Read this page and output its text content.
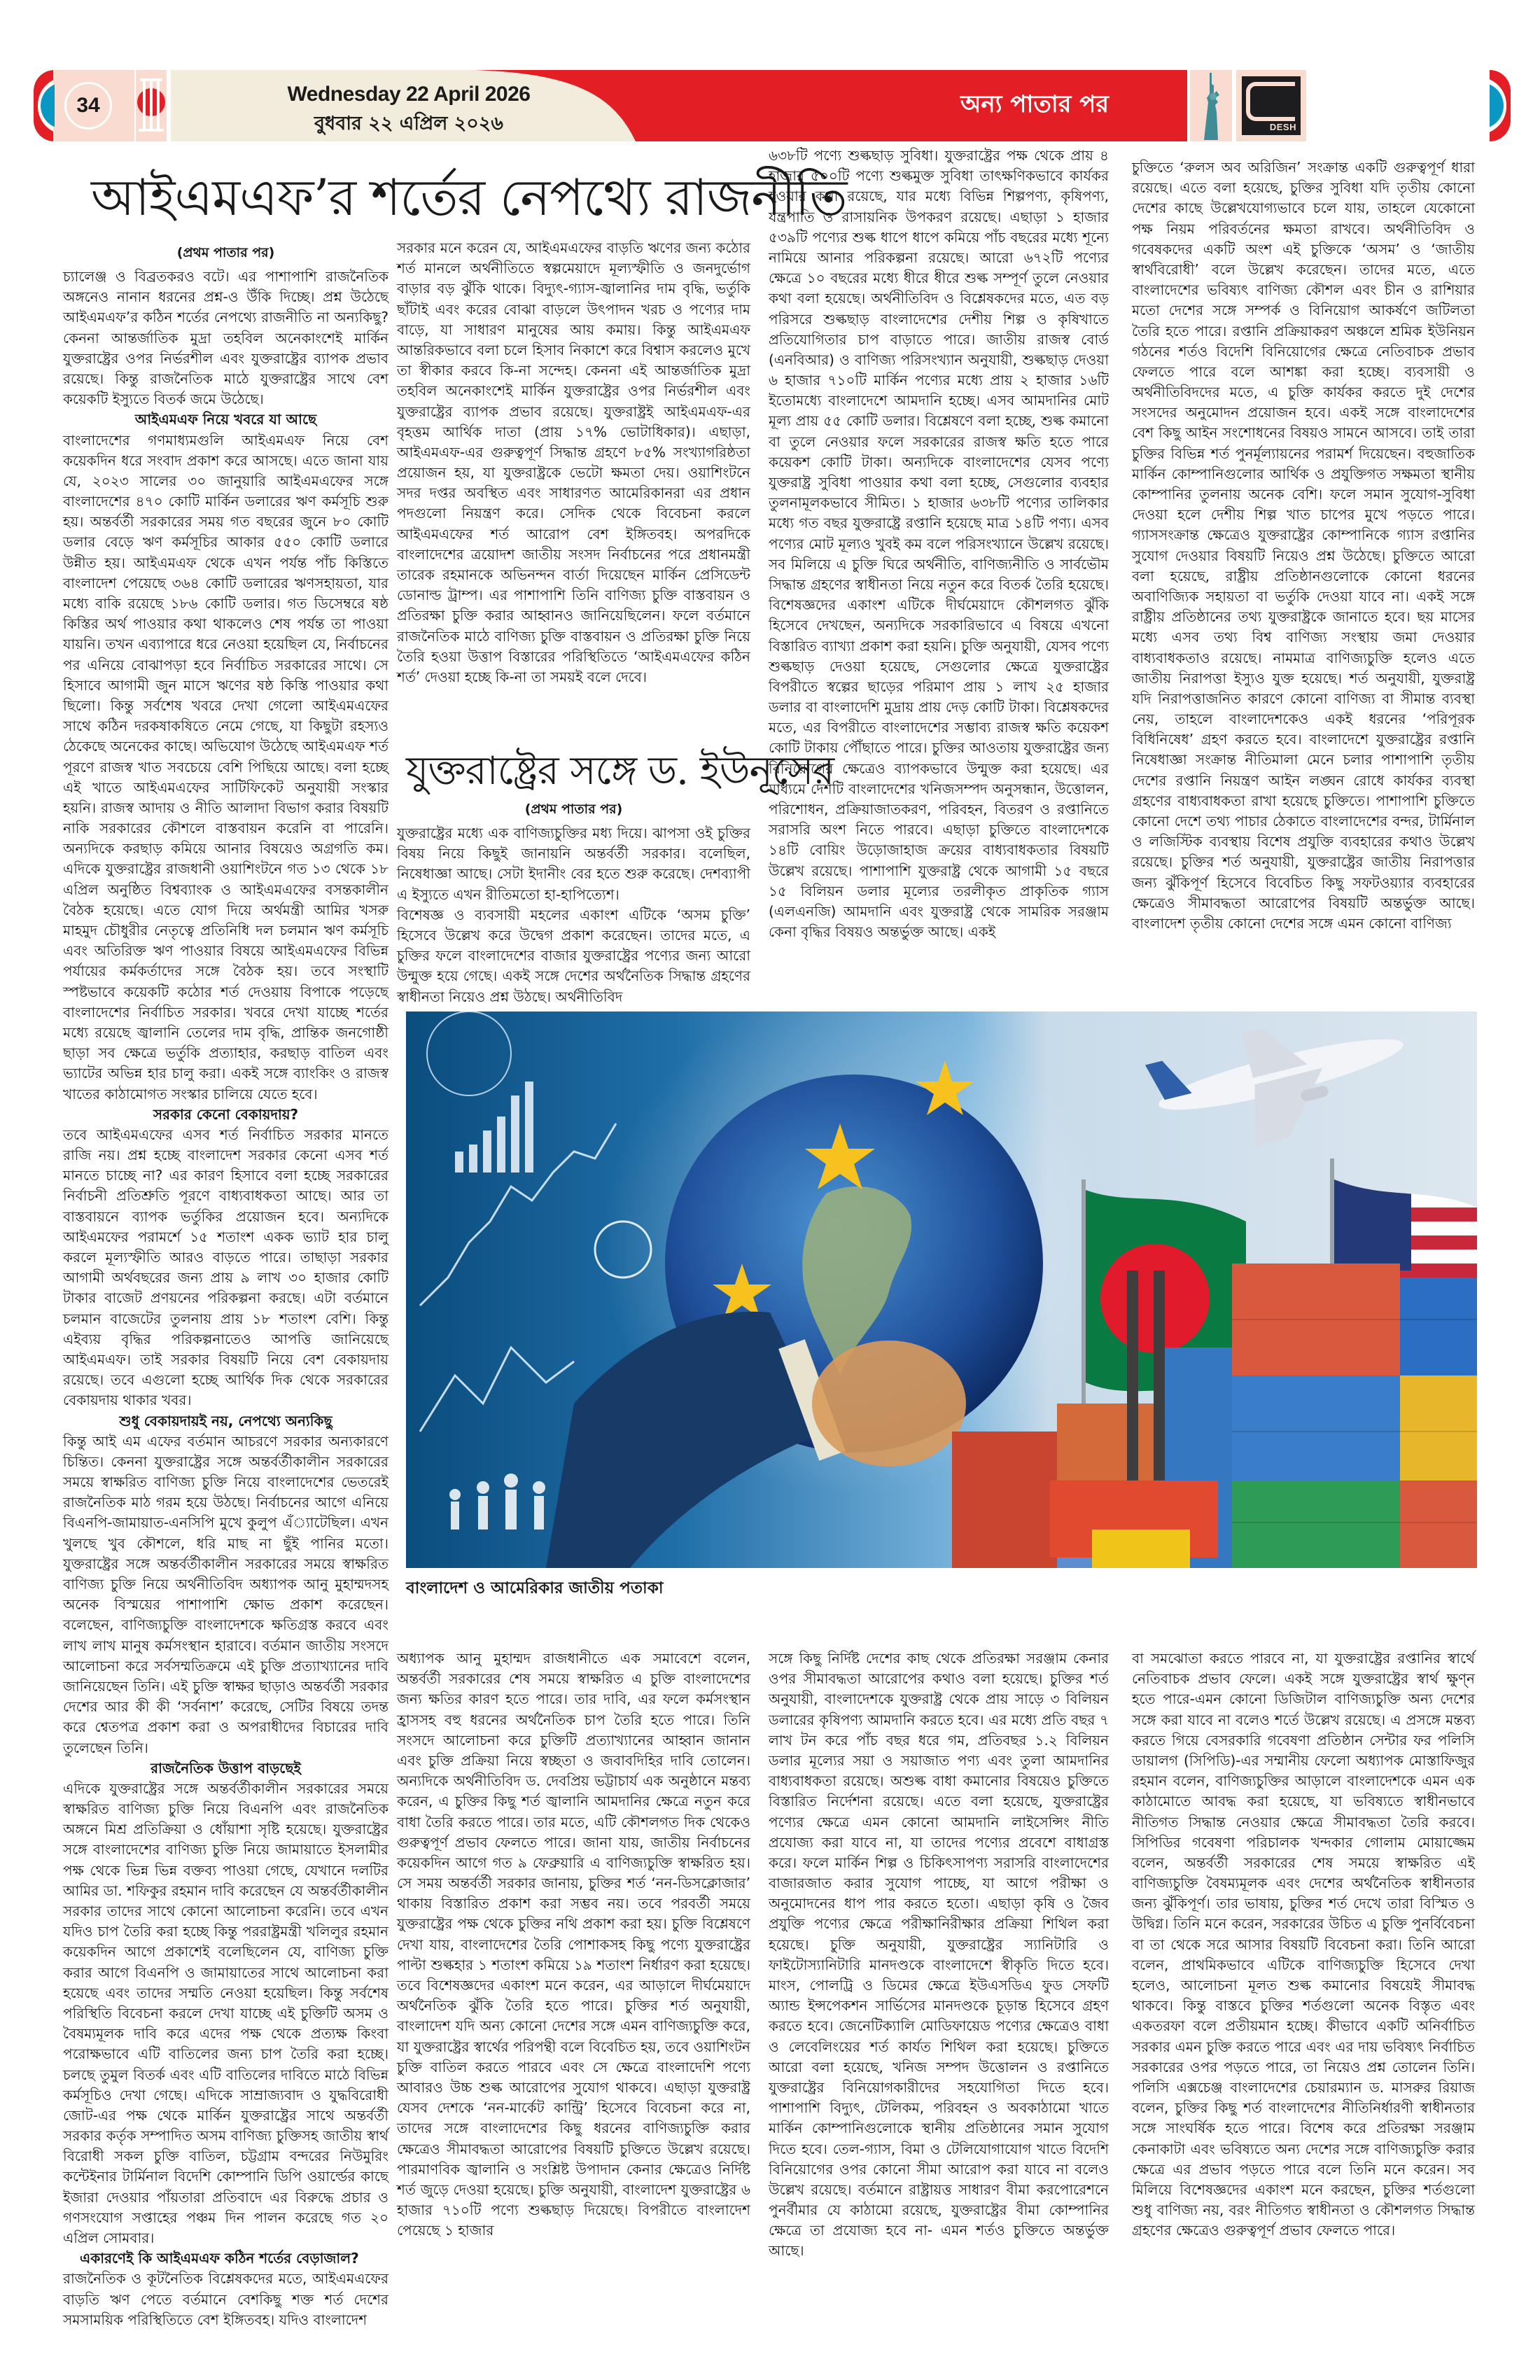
34	Wednesday 22 April 2026
বুধবার ২২ এপ্রিল ২০২৬
অন্য পাতার পর
DESH
আইএমএফ’র শর্তের নেপথ্যে রাজনীতি
(প্রথম পাতার পর)

চ্যালেঞ্জ ও বিব্রতকরও বটে। এর পাশাপাশি রাজনৈতিক অঙ্গনেও নানান ধরনের প্রশ্ন-ও উঁকি দিচ্ছে। প্রশ্ন উঠেছে আইএমএফ’র কঠিন শর্তের নেপথ্যে রাজনীতি না অন্যকিছু? কেননা আন্তর্জাতিক মুদ্রা তহবিল অনেকাংশেই মার্কিন যুক্তরাষ্ট্রের ওপর নির্ভরশীল এবং যুক্তরাষ্ট্রের ব্যাপক প্রভাব রয়েছে। কিন্তু রাজনৈতিক মাঠে যুক্তরাষ্ট্রের সাথে বেশ কয়েকটি ইস্যুতে বিতর্ক জমে উঠেছে।

আইএমএফ নিয়ে খবরে যা আছে

বাংলাদেশের গণমাধ্যমগুলি আইএমএফ নিয়ে বেশ কয়েকদিন ধরে সংবাদ প্রকাশ করে আসছে। এতে জানা যায় যে, ২০২৩ সালের ৩০ জানুয়ারি আইএমএফের সঙ্গে বাংলাদেশের ৪৭০ কোটি মার্কিন ডলারের ঋণ কর্মসূচি শুরু হয়। অন্তর্বর্তী সরকারের সময় গত বছরের জুনে ৮০ কোটি ডলার বেড়ে ঋণ কর্মসূচির আকার ৫৫০ কোটি ডলারে উন্নীত হয়। আইএমএফ থেকে এখন পর্যন্ত পাঁচ কিস্তিতে বাংলাদেশ পেয়েছে ৩৬৪ কোটি ডলারের ঋণসহায়তা, যার মধ্যে বাকি রয়েছে ১৮৬ কোটি ডলার। গত ডিসেম্বরে ষষ্ঠ কিস্তির অর্থ পাওয়ার কথা থাকলেও শেষ পর্যন্ত তা পাওয়া যায়নি। তখন এব্যাপারে ধরে নেওয়া হয়েছিল যে, নির্বাচনের পর এনিয়ে বোঝাপড়া হবে নির্বাচিত সরকারের সাথে। সে হিসাবে আগামী জুন মাসে ঋণের ষষ্ঠ কিস্তি পাওয়ার কথা ছিলো। কিন্তু সর্বশেষ খবরে দেখা গেলো আইএমএফের সাথে কঠিন দরকষাকষিতে নেমে গেছে, যা কিছুটা রহস্যও ঠেকেছে অনেকের কাছে। অভিযোগ উঠেছে আইএমএফ শর্ত পূরণে রাজস্ব খাত সবচেয়ে বেশি পিছিয়ে আছে। বলা হচ্ছে এই খাতে আইএমএফের সাটিফিকেট অনুযায়ী সংস্কার হয়নি। রাজস্ব আদায় ও নীতি আলাদা বিভাগ করার বিষয়টি নাকি সরকারের কৌশলে বাস্তবায়ন করেনি বা পারেনি। অন্যদিকে করছাড় কমিয়ে আনার বিষয়েও অগ্রগতি কম। এদিকে যুক্তরাষ্ট্রের রাজধানী ওয়াশিংটনে গত ১৩ থেকে ১৮ এপ্রিল অনুষ্ঠিত বিশ্বব্যাংক ও আইএমএফের বসন্তকালীন বৈঠক হয়েছে। এতে যোগ দিয়ে অর্থমন্ত্রী আমির খসরু মাহমুদ চৌধুরীর নেতৃত্বে প্রতিনিধি দল চলমান ঋণ কর্মসূচি এবং অতিরিক্ত ঋণ পাওয়ার বিষয়ে আইএমএফের বিভিন্ন পর্যায়ের কর্মকর্তাদের সঙ্গে বৈঠক হয়। তবে সংস্থাটি স্পষ্টভাবে কয়েকটি কঠোর শর্ত দেওয়ায় বিপাকে পড়েছে বাংলাদেশের নির্বাচিত সরকার। খবরে দেখা যাচ্ছে শর্তের মধ্যে রয়েছে জ্বালানি তেলের দাম বৃদ্ধি, প্রান্তিক জনগোষ্ঠী ছাড়া সব ক্ষেত্রে ভর্তুকি প্রত্যাহার, করছাড় বাতিল এবং ভ্যাটের অভিন্ন হার চালু করা। একই সঙ্গে ব্যাংকিং ও রাজস্ব খাতের কাঠামোগত সংস্কার চালিয়ে যেতে হবে।

সরকার কেনো বেকায়দায়?

তবে আইএমএফের এসব শর্ত নির্বাচিত সরকার মানতে রাজি নয়। প্রশ্ন হচ্ছে বাংলাদেশ সরকার কেনো এসব শর্ত মানতে চাচ্ছে না? এর কারণ হিসাবে বলা হচ্ছে সরকারের নির্বাচনী প্রতিশ্রুতি পূরণে বাধ্যবাধকতা আছে। আর তা বাস্তবায়নে ব্যাপক ভর্তুকির প্রয়োজন হবে। অন্যদিকে আইএমফের পরামর্শে ১৫ শতাংশ একক ভ্যাট হার চালু করলে মূল্যস্ফীতি আরও বাড়তে পারে। তাছাড়া সরকার আগামী অর্থবছরের জন্য প্রায় ৯ লাখ ৩০ হাজার কোটি টাকার বাজেট প্রণয়নের পরিকল্পনা করছে। এটা বর্তমানে চলমান বাজেটের তুলনায় প্রায় ১৮ শতাংশ বেশি। কিন্তু এইব্যয় বৃদ্ধির পরিকল্পনাতেও আপত্তি জানিয়েছে আইএমএফ। তাই সরকার বিষয়টি নিয়ে বেশ বেকায়দায় রয়েছে। তবে এগুলো হচ্ছে আর্থিক দিক থেকে সরকারের বেকায়দায় থাকার খবর।

শুধু বেকায়দায়ই নয়, নেপথ্যে অন্যকিছু

কিন্তু আই এম এফের বর্তমান আচরণে সরকার অন্যকারণে চিন্তিত। কেননা যুক্তরাষ্ট্রের সঙ্গে অন্তর্বর্তীকালীন সরকারের সময়ে স্বাক্ষরিত বাণিজ্য চুক্তি নিয়ে বাংলাদেশের ভেতরেই রাজনৈতিক মাঠ গরম হয়ে উঠছে। নির্বাচনের আগে এনিয়ে বিএনপি-জামায়াত-এনসিপি মুখে কুলুপ এঁ্যাটেছিল। এখন খুলছে খুব কৌশলে, ধরি মাছ না ছুঁই পানির মতো। যুক্তরাষ্ট্রের সঙ্গে অন্তর্বর্তীকালীন সরকারের সময়ে স্বাক্ষরিত বাণিজ্য চুক্তি নিয়ে অর্থনীতিবিদ অধ্যাপক আনু মুহাম্মদসহ অনেক বিস্ময়ের পাশাপাশি ক্ষোভ প্রকাশ করেছেন। বলেছেন, বাণিজ্যচুক্তি বাংলাদেশকে ক্ষতিগ্রস্ত করবে এবং লাখ লাখ মানুষ কর্মসংস্থান হারাবে। বর্তমান জাতীয় সংসদে আলোচনা করে সর্বসম্মতিক্রমে এই চুক্তি প্রত্যাখ্যানের দাবি জানিয়েছেন তিনি। এই চুক্তি স্বাক্ষর ছাড়াও অন্তর্বর্তী সরকার দেশের আর কী কী ‘সর্বনাশ’ করেছে, সেটির বিষয়ে তদন্ত করে শ্বেতপত্র প্রকাশ করা ও অপরাধীদের বিচারের দাবি তুলেছেন তিনি।

রাজনৈতিক উত্তাপ বাড়ছেই

এদিকে যুক্তরাষ্ট্রের সঙ্গে অন্তর্বর্তীকালীন সরকারের সময়ে স্বাক্ষরিত বাণিজ্য চুক্তি নিয়ে বিএনপি এবং রাজনৈতিক অঙ্গনে মিশ্র প্রতিক্রিয়া ও ধোঁয়াশা সৃষ্টি হয়েছে। যুক্তরাষ্ট্রের সঙ্গে বাংলাদেশের বাণিজ্য চুক্তি নিয়ে জামায়াতে ইসলামীর পক্ষ থেকে ভিন্ন ভিন্ন বক্তব্য পাওয়া গেছে, যেখানে দলটির আমির ডা. শফিকুর রহমান দাবি করেছেন যে অন্তর্বর্তীকালীন সরকার তাদের সাথে কোনো আলোচনা করেনি। তবে এখন যদিও চাপ তৈরি করা হচ্ছে কিন্তু পররাষ্ট্রমন্ত্রী খলিলুর রহমান কয়েকদিন আগে প্রকাশেই বলেছিলেন যে, বাণিজ্য চুক্তি করার আগে বিএনপি ও জামায়াতের সাথে আলোচনা করা হয়েছে এবং তাদের সম্মতি নেওয়া হয়েছিল। কিন্তু সর্বশেষ পরিস্থিতি বিবেচনা করলে দেখা যাচ্ছে এই চুক্তিটি অসম ও বৈষম্যমূলক দাবি করে এদের পক্ষ থেকে প্রত্যক্ষ কিংবা পরোক্ষভাবে এটি বাতিলের জন্য চাপ তৈরি করা হচ্ছে। চলছে তুমুল বিতর্ক এবং এটি বাতিলের দাবিতে মাঠে বিভিন্ন কর্মসূচিও দেখা গেছে। এদিকে সাম্রাজ্যবাদ ও যুদ্ধবিরোধী জোট-এর পক্ষ থেকে মার্কিন যুক্তরাষ্ট্রের সাথে অন্তর্বর্তী সরকার কর্তৃক সম্পাদিত অসম বাণিজ্য চুক্তিসহ জাতীয় স্বার্থ বিরোধী সকল চুক্তি বাতিল, চট্টগ্রাম বন্দরের নিউমুরিং কন্টেইনার টার্মিনাল বিদেশি কোম্পানি ডিপি ওয়ার্ল্ডের কাছে ইজারা দেওয়ার পাঁয়তারা প্রতিবাদে এর বিরুদ্ধে প্রচার ও গণসংযোগ সপ্তাহের পঞ্চম দিন পালন করেছে গত ২০ এপ্রিল সোমবার।

একারণেই কি আইএমএফ কঠিন শর্তের বেড়াজাল?

রাজনৈতিক ও কূটনৈতিক বিশ্লেষকদের মতে, আইএমএফের বাড়তি ঋণ পেতে বর্তমানে বেশকিছু শক্ত শর্ত দেশের সমসাময়িক পরিস্থিতিতে বেশ ইঙ্গিতবহ। যদিও বাংলাদেশ

সরকার মনে করেন যে, আইএমএফের বাড়তি ঋণের জন্য কঠোর শর্ত মানলে অর্থনীতিতে স্বল্পমেয়াদে মূল্যস্ফীতি ও জনদুর্ভোগ বাড়ার বড় ঝুঁকি থাকে। বিদ্যুৎ-গ্যাস-জ্বালানির দাম বৃদ্ধি, ভর্তুকি ছাঁটাই এবং করের বোঝা বাড়লে উৎপাদন খরচ ও পণ্যের দাম বাড়ে, যা সাধারণ মানুষের আয় কমায়। কিন্তু আইএমএফ আন্তরিকভাবে বলা চলে হিসাব নিকাশে করে বিশ্বাস করলেও মুখে তা স্বীকার করবে কি-না সন্দেহ। কেননা এই আন্তর্জাতিক মুদ্রা তহবিল অনেকাংশেই মার্কিন যুক্তরাষ্ট্রের ওপর নির্ভরশীল এবং যুক্তরাষ্ট্রের ব্যাপক প্রভাব রয়েছে। যুক্তরাষ্ট্রই আইএমএফ-এর বৃহত্তম আর্থিক দাতা (প্রায় ১৭% ভোটাধিকার)। এছাড়া, আইএমএফ-এর গুরুত্বপূর্ণ সিদ্ধান্ত গ্রহণে ৮৫% সংখ্যাগরিষ্ঠতা প্রয়োজন হয়, যা যুক্তরাষ্ট্রকে ভেটো ক্ষমতা দেয়। ওয়াশিংটনে সদর দপ্তর অবস্থিত এবং সাধারণত আমেরিকানরা এর প্রধান পদগুলো নিয়ন্ত্রণ করে। সেদিক থেকে বিবেচনা করলে আইএমএফের শর্ত আরোপ বেশ ইঙ্গিতবহ। অপরদিকে বাংলাদেশের ত্রয়োদশ জাতীয় সংসদ নির্বাচনের পরে প্রধানমন্ত্রী তারেক রহমানকে অভিনন্দন বার্তা দিয়েছেন মার্কিন প্রেসিডেন্ট ডোনাল্ড ট্রাম্প। এর পাশাপাশি তিনি বাণিজ্য চুক্তি বাস্তবায়ন ও প্রতিরক্ষা চুক্তি করার আহ্বানও জানিয়েছিলেন। ফলে বর্তমানে রাজনৈতিক মাঠে বাণিজ্য চুক্তি বাস্তবায়ন ও প্রতিরক্ষা চুক্তি নিয়ে তৈরি হওয়া উত্তাপ বিস্তারের পরিস্থিতিতে ‘আইএমএফের কঠিন শর্ত’ দেওয়া হচ্ছে কি-না তা সময়ই বলে দেবে।

৬৩৮টি পণ্যে শুল্কছাড় সুবিধা। যুক্তরাষ্ট্রের পক্ষ থেকে প্রায় ৪ হাজার ৫০০টি পণ্যে শুল্কমুক্ত সুবিধা তাৎক্ষণিকভাবে কার্যকর হওয়ার কথা রয়েছে, যার মধ্যে বিভিন্ন শিল্পপণ্য, কৃষিপণ্য, যন্ত্রপাতি ও রাসায়নিক উপকরণ রয়েছে। এছাড়া ১ হাজার ৫৩৯টি পণ্যের শুল্ক ধাপে ধাপে কমিয়ে পাঁচ বছরের মধ্যে শূন্যে নামিয়ে আনার পরিকল্পনা রয়েছে। আরো ৬৭২টি পণ্যের ক্ষেত্রে ১০ বছরের মধ্যে ধীরে ধীরে শুল্ক সম্পূর্ণ তুলে নেওয়ার কথা বলা হয়েছে। অর্থনীতিবিদ ও বিশ্লেষকদের মতে, এত বড় পরিসরে শুল্কছাড় বাংলাদেশের দেশীয় শিল্প ও কৃষিখাতে প্রতিযোগিতার চাপ বাড়াতে পারে। জাতীয় রাজস্ব বোর্ড (এনবিআর) ও বাণিজ্য পরিসংখ্যান অনুযায়ী, শুল্কছাড় দেওয়া ৬ হাজার ৭১০টি মার্কিন পণ্যের মধ্যে প্রায় ২ হাজার ১৬টি ইতোমধ্যে বাংলাদেশে আমদানি হচ্ছে। এসব আমদানির মোট মূল্য প্রায় ৫৫ কোটি ডলার। বিশ্লেষণে বলা হচ্ছে, শুল্ক কমানো বা তুলে নেওয়ার ফলে সরকারের রাজস্ব ক্ষতি হতে পারে কয়েকশ কোটি টাকা। অন্যদিকে বাংলাদেশের যেসব পণ্যে যুক্তরাষ্ট্র সুবিধা পাওয়ার কথা বলা হচ্ছে, সেগুলোর ব্যবহার তুলনামূলকভাবে সীমিত। ১ হাজার ৬৩৮টি পণ্যের তালিকার মধ্যে গত বছর যুক্তরাষ্ট্রে রপ্তানি হয়েছে মাত্র ১৪টি পণ্য। এসব পণ্যের মোট মূল্যও খুবই কম বলে পরিসংখ্যানে উল্লেখ রয়েছে। সব মিলিয়ে এ চুক্তি ঘিরে অর্থনীতি, বাণিজ্যনীতি ও সার্বভৌম সিদ্ধান্ত গ্রহণের স্বাধীনতা নিয়ে নতুন করে বিতর্ক তৈরি হয়েছে। বিশেষজ্ঞদের একাংশ এটিকে দীর্ঘমেয়াদে কৌশলগত ঝুঁকি হিসেবে দেখছেন, অন্যদিকে সরকারিভাবে এ বিষয়ে এখনো বিস্তারিত ব্যাখ্যা প্রকাশ করা হয়নি। চুক্তি অনুযায়ী, যেসব পণ্যে শুল্কছাড় দেওয়া হয়েছে, সেগুলোর ক্ষেত্রে যুক্তরাষ্ট্রের বিপরীতে স্বল্পের ছাড়ের পরিমাণ প্রায় ১ লাখ ২৫ হাজার ডলার বা বাংলাদেশি মুদ্রায় প্রায় দেড় কোটি টাকা। বিশ্লেষকদের মতে, এর বিপরীতে বাংলাদেশের সম্ভাব্য রাজস্ব ক্ষতি কয়েকশ কোটি টাকায় পৌঁছাতে পারে। চুক্তির আওতায় যুক্তরাষ্ট্রের জন্য বিনিয়োগের ক্ষেত্রেও ব্যাপকভাবে উন্মুক্ত করা হয়েছে। এর মাধ্যমে দেশটি বাংলাদেশের খনিজসম্পদ অনুসন্ধান, উত্তোলন, পরিশোধন, প্রক্রিয়াজাতকরণ, পরিবহন, বিতরণ ও রপ্তানিতে সরাসরি অংশ নিতে পারবে। এছাড়া চুক্তিতে বাংলাদেশকে ১৪টি বোয়িং উড়োজাহাজ ক্রয়ের বাধ্যবাধকতার বিষয়টি উল্লেখ রয়েছে। পাশাপাশি যুক্তরাষ্ট্র থেকে আগামী ১৫ বছরে ১৫ বিলিয়ন ডলার মূল্যের তরলীকৃত প্রাকৃতিক গ্যাস (এলএনজি) আমদানি এবং যুক্তরাষ্ট্র থেকে সামরিক সরঞ্জাম কেনা বৃদ্ধির বিষয়ও অন্তর্ভুক্ত আছে। একই

চুক্তিতে ‘রুলস অব অরিজিন’ সংক্রান্ত একটি গুরুত্বপূর্ণ ধারা রয়েছে। এতে বলা হয়েছে, চুক্তির সুবিধা যদি তৃতীয় কোনো দেশের কাছে উল্লেখযোগ্যভাবে চলে যায়, তাহলে যেকোনো পক্ষ নিয়ম পরিবর্তনের ক্ষমতা রাখবে। অর্থনীতিবিদ ও গবেষকদের একটি অংশ এই চুক্তিকে ‘অসম’ ও ‘জাতীয় স্বার্থবিরোধী’ বলে উল্লেখ করেছেন। তাদের মতে, এতে বাংলাদেশের ভবিষ্যৎ বাণিজ্য কৌশল এবং চীন ও রাশিয়ার মতো দেশের সঙ্গে সম্পর্ক ও বিনিয়োগ আকর্ষণে জটিলতা তৈরি হতে পারে। রপ্তানি প্রক্রিয়াকরণ অঞ্চলে শ্রমিক ইউনিয়ন গঠনের শর্তও বিদেশি বিনিয়োগের ক্ষেত্রে নেতিবাচক প্রভাব ফেলতে পারে বলে আশঙ্কা করা হচ্ছে। ব্যবসায়ী ও অর্থনীতিবিদদের মতে, এ চুক্তি কার্যকর করতে দুই দেশের সংসদের অনুমোদন প্রয়োজন হবে। একই সঙ্গে বাংলাদেশের বেশ কিছু আইন সংশোধনের বিষয়ও সামনে আসবে। তাই তারা চুক্তির বিভিন্ন শর্ত পুনর্মূল্যায়নের পরামর্শ দিয়েছেন। বহুজাতিক মার্কিন কোম্পানিগুলোর আর্থিক ও প্রযুক্তিগত সক্ষমতা স্থানীয় কোম্পানির তুলনায় অনেক বেশি। ফলে সমান সুযোগ-সুবিধা দেওয়া হলে দেশীয় শিল্প খাত চাপের মুখে পড়তে পারে। গ্যাসসংক্রান্ত ক্ষেত্রেও যুক্তরাষ্ট্রের কোম্পানিকে গ্যাস রপ্তানির সুযোগ দেওয়ার বিষয়টি নিয়েও প্রশ্ন উঠেছে। চুক্তিতে আরো বলা হয়েছে, রাষ্ট্রীয় প্রতিষ্ঠানগুলোকে কোনো ধরনের অবাণিজ্যিক সহায়তা বা ভর্তুকি দেওয়া যাবে না। একই সঙ্গে রাষ্ট্রীয় প্রতিষ্ঠানের তথ্য যুক্তরাষ্ট্রকে জানাতে হবে। ছয় মাসের মধ্যে এসব তথ্য বিশ্ব বাণিজ্য সংস্থায় জমা দেওয়ার বাধ্যবাধকতাও রয়েছে। নামমাত্র বাণিজ্যচুক্তি হলেও এতে জাতীয় নিরাপত্তা ইস্যুও যুক্ত হয়েছে। শর্ত অনুযায়ী, যুক্তরাষ্ট্র যদি নিরাপত্তাজনিত কারণে কোনো বাণিজ্য বা সীমান্ত ব্যবস্থা নেয়, তাহলে বাংলাদেশকেও একই ধরনের ‘পরিপূরক বিধিনিষেধ’ গ্রহণ করতে হবে। বাংলাদেশে যুক্তরাষ্ট্রের রপ্তানি নিষেধাজ্ঞা সংক্রান্ত নীতিমালা মেনে চলার পাশাপাশি তৃতীয় দেশের রপ্তানি নিয়ন্ত্রণ আইন লঙ্ঘন রোধে কার্যকর ব্যবস্থা গ্রহণের বাধ্যবাধকতা রাখা হয়েছে চুক্তিতে। পাশাপাশি চুক্তিতে কোনো দেশে তথ্য পাচার ঠেকাতে বাংলাদেশের বন্দর, টার্মিনাল ও লজিস্টিক ব্যবস্থায় বিশেষ প্রযুক্তি ব্যবহারের কথাও উল্লেখ রয়েছে। চুক্তির শর্ত অনুযায়ী, যুক্তরাষ্ট্রের জাতীয় নিরাপত্তার জন্য ঝুঁকিপূর্ণ হিসেবে বিবেচিত কিছু সফটওয়্যার ব্যবহারের ক্ষেত্রেও সীমাবদ্ধতা আরোপের বিষয়টি অন্তর্ভুক্ত আছে। বাংলাদেশ তৃতীয় কোনো দেশের সঙ্গে এমন কোনো বাণিজ্য

যুক্তরাষ্ট্রের সঙ্গে ড. ইউনূসের
(প্রথম পাতার পর)

যুক্তরাষ্ট্রের মধ্যে এক বাণিজ্যচুক্তির মধ্য দিয়ে। ঝাপসা ওই চুক্তির বিষয় নিয়ে কিছুই জানায়নি অন্তর্বর্তী সরকার। বলেছিল, নিষেধাজ্ঞা আছে। সেটা ইদানীং বের হতে শুরু করেছে। দেশব্যাপী এ ইস্যুতে এখন রীতিমতো হা-হাপিত্যেশ।
বিশেষজ্ঞ ও ব্যবসায়ী মহলের একাংশ এটিকে ‘অসম চুক্তি’ হিসেবে উল্লেখ করে উদ্বেগ প্রকাশ করেছেন। তাদের মতে, এ চুক্তির ফলে বাংলাদেশের বাজার যুক্তরাষ্ট্রের পণ্যের জন্য আরো উন্মুক্ত হয়ে গেছে। একই সঙ্গে দেশের অর্থনৈতিক সিদ্ধান্ত গ্রহণের স্বাধীনতা নিয়েও প্রশ্ন উঠছে। অর্থনীতিবিদ

বাংলাদেশ ও আমেরিকার জাতীয় পতাকা

অধ্যাপক আনু মুহাম্মদ রাজধানীতে এক সমাবেশে বলেন, অন্তর্বর্তী সরকারের শেষ সময়ে স্বাক্ষরিত এ চুক্তি বাংলাদেশের জন্য ক্ষতির কারণ হতে পারে। তার দাবি, এর ফলে কর্মসংস্থান হ্রাসসহ বহু ধরনের অর্থনৈতিক চাপ তৈরি হতে পারে। তিনি সংসদে আলোচনা করে চুক্তিটি প্রত্যাখ্যানের আহ্বান জানান এবং চুক্তি প্রক্রিয়া নিয়ে স্বচ্ছতা ও জবাবদিহির দাবি তোলেন। অন্যদিকে অর্থনীতিবিদ ড. দেবপ্রিয় ভট্টাচার্য এক অনুষ্ঠানে মন্তব্য করেন, এ চুক্তির কিছু শর্ত জ্বালানি আমদানির ক্ষেত্রে নতুন করে বাধা তৈরি করতে পারে। তার মতে, এটি কৌশলগত দিক থেকেও গুরুত্বপূর্ণ প্রভাব ফেলতে পারে। জানা যায়, জাতীয় নির্বাচনের কয়েকদিন আগে গত ৯ ফেব্রুয়ারি এ বাণিজ্যচুক্তি স্বাক্ষরিত হয়। সে সময় অন্তর্বর্তী সরকার জানায়, চুক্তির শর্ত ‘নন-ডিসক্লোজার’ থাকায় বিস্তারিত প্রকাশ করা সম্ভব নয়। তবে পরবর্তী সময়ে যুক্তরাষ্ট্রের পক্ষ থেকে চুক্তির নথি প্রকাশ করা হয়। চুক্তি বিশ্লেষণে দেখা যায়, বাংলাদেশের তৈরি পোশাকসহ কিছু পণ্যে যুক্তরাষ্ট্রের পাল্টা শুল্কহার ১ শতাংশ কমিয়ে ১৯ শতাংশ নির্ধারণ করা হয়েছে। তবে বিশেষজ্ঞদের একাংশ মনে করেন, এর আড়ালে দীর্ঘমেয়াদে অর্থনৈতিক ঝুঁকি তৈরি হতে পারে। চুক্তির শর্ত অনুযায়ী, বাংলাদেশ যদি অন্য কোনো দেশের সঙ্গে এমন বাণিজ্যচুক্তি করে, যা যুক্তরাষ্ট্রের স্বার্থের পরিপন্থী বলে বিবেচিত হয়, তবে ওয়াশিংটন চুক্তি বাতিল করতে পারবে এবং সে ক্ষেত্রে বাংলাদেশি পণ্যে আবারও উচ্চ শুল্ক আরোপের সুযোগ থাকবে। এছাড়া যুক্তরাষ্ট্র যেসব দেশকে ‘নন-মার্কেট কান্ট্রি’ হিসেবে বিবেচনা করে না, তাদের সঙ্গে বাংলাদেশের কিছু ধরনের বাণিজ্যচুক্তি করার ক্ষেত্রেও সীমাবদ্ধতা আরোপের বিষয়টি চুক্তিতে উল্লেখ রয়েছে। পারমাণবিক জ্বালানি ও সংশ্লিষ্ট উপাদান কেনার ক্ষেত্রেও নির্দিষ্ট শর্ত জুড়ে দেওয়া হয়েছে। চুক্তি অনুযায়ী, বাংলাদেশ যুক্তরাষ্ট্রের ৬ হাজার ৭১০টি পণ্যে শুল্কছাড় দিয়েছে। বিপরীতে বাংলাদেশ পেয়েছে ১ হাজার

সঙ্গে কিছু নির্দিষ্ট দেশের কাছ থেকে প্রতিরক্ষা সরঞ্জাম কেনার ওপর সীমাবদ্ধতা আরোপের কথাও বলা হয়েছে। চুক্তির শর্ত অনুযায়ী, বাংলাদেশকে যুক্তরাষ্ট্র থেকে প্রায় সাড়ে ৩ বিলিয়ন ডলারের কৃষিপণ্য আমদানি করতে হবে। এর মধ্যে প্রতি বছর ৭ লাখ টন করে পাঁচ বছর ধরে গম, প্রতিবছর ১.২ বিলিয়ন ডলার মূল্যের সয়া ও সয়াজাত পণ্য এবং তুলা আমদানির বাধ্যবাধকতা রয়েছে। অশুল্ক বাধা কমানোর বিষয়েও চুক্তিতে বিস্তারিত নির্দেশনা রয়েছে। এতে বলা হয়েছে, যুক্তরাষ্ট্রের পণ্যের ক্ষেত্রে এমন কোনো আমদানি লাইসেন্সিং নীতি প্রযোজ্য করা যাবে না, যা তাদের পণ্যের প্রবেশে বাধাগ্রস্ত করে। ফলে মার্কিন শিল্প ও চিকিৎসাপণ্য সরাসরি বাংলাদেশের বাজারজাত করার সুযোগ পাচ্ছে, যা আগে পরীক্ষা ও অনুমোদনের ধাপ পার করতে হতো। এছাড়া কৃষি ও জৈব প্রযুক্তি পণ্যের ক্ষেত্রে পরীক্ষানিরীক্ষার প্রক্রিয়া শিথিল করা হয়েছে। চুক্তি অনুযায়ী, যুক্তরাষ্ট্রের স্যানিটারি ও ফাইটোস্যানিটারি মানদণ্ডকে বাংলাদেশে স্বীকৃতি দিতে হবে। মাংস, পোলট্রি ও ডিমের ক্ষেত্রে ইউএসডিএ ফুড সেফটি অ্যান্ড ইন্সপেকশন সার্ভিসের মানদণ্ডকে চূড়ান্ত হিসেবে গ্রহণ করতে হবে। জেনেটিক্যালি মোডিফায়েড পণ্যের ক্ষেত্রেও বাধা ও লেবেলিংয়ের শর্ত কার্যত শিথিল করা হয়েছে। চুক্তিতে আরো বলা হয়েছে, খনিজ সম্পদ উত্তোলন ও রপ্তানিতে যুক্তরাষ্ট্রের বিনিয়োগকারীদের সহযোগিতা দিতে হবে। পাশাপাশি বিদ্যুৎ, টেলিকম, পরিবহন ও অবকাঠামো খাতে মার্কিন কোম্পানিগুলোকে স্থানীয় প্রতিষ্ঠানের সমান সুযোগ দিতে হবে। তেল-গ্যাস, বিমা ও টেলিযোগাযোগ খাতে বিদেশি বিনিয়োগের ওপর কোনো সীমা আরোপ করা যাবে না বলেও উল্লেখ রয়েছে। বর্তমানে রাষ্ট্রায়ত্ত সাধারণ বীমা করপোরেশনে পুনর্বীমার যে কাঠামো রয়েছে, যুক্তরাষ্ট্রের বীমা কোম্পানির ক্ষেত্রে তা প্রযোজ্য হবে না- এমন শর্তও চুক্তিতে অন্তর্ভুক্ত আছে।

বা সমঝোতা করতে পারবে না, যা যুক্তরাষ্ট্রের রপ্তানির স্বার্থে নেতিবাচক প্রভাব ফেলে। একই সঙ্গে যুক্তরাষ্ট্রের স্বার্থ ক্ষুণ্ন হতে পারে-এমন কোনো ডিজিটাল বাণিজ্যচুক্তি অন্য দেশের সঙ্গে করা যাবে না বলেও শর্তে উল্লেখ রয়েছে। এ প্রসঙ্গে মন্তব্য করতে গিয়ে বেসরকারি গবেষণা প্রতিষ্ঠান সেন্টার ফর পলিসি ডায়ালগ (সিপিডি)-এর সম্মানীয় ফেলো অধ্যাপক মোস্তাফিজুর রহমান বলেন, বাণিজ্যচুক্তির আড়ালে বাংলাদেশকে এমন এক কাঠামোতে আবদ্ধ করা হয়েছে, যা ভবিষ্যতে স্বাধীনভাবে নীতিগত সিদ্ধান্ত নেওয়ার ক্ষেত্রে সীমাবদ্ধতা তৈরি করবে। সিপিডির গবেষণা পরিচালক খন্দকার গোলাম মোয়াজ্জেম বলেন, অন্তর্বর্তী সরকারের শেষ সময়ে স্বাক্ষরিত এই বাণিজ্যচুক্তি বৈষম্যমূলক এবং দেশের অর্থনৈতিক স্বাধীনতার জন্য ঝুঁকিপূর্ণ। তার ভাষায়, চুক্তির শর্ত দেখে তারা বিস্মিত ও উদ্বিগ্ন। তিনি মনে করেন, সরকারের উচিত এ চুক্তি পুনর্বিবেচনা বা তা থেকে সরে আসার বিষয়টি বিবেচনা করা। তিনি আরো বলেন, প্রাথমিকভাবে এটিকে বাণিজ্যচুক্তি হিসেবে দেখা হলেও, আলোচনা মূলত শুল্ক কমানোর বিষয়েই সীমাবদ্ধ থাকবে। কিন্তু বাস্তবে চুক্তির শর্তগুলো অনেক বিস্তৃত এবং একতরফা বলে প্রতীয়মান হচ্ছে। কীভাবে একটি অনির্বাচিত সরকার এমন চুক্তি করতে পারে এবং এর দায় ভবিষ্যৎ নির্বাচিত সরকারের ওপর পড়তে পারে, তা নিয়েও প্রশ্ন তোলেন তিনি। পলিসি এক্সচেঞ্জ বাংলাদেশের চেয়ারম্যান ড. মাসরুর রিয়াজ বলেন, চুক্তির কিছু শর্ত বাংলাদেশের নীতিনির্ধারণী স্বাধীনতার সঙ্গে সাংঘর্ষিক হতে পারে। বিশেষ করে প্রতিরক্ষা সরঞ্জাম কেনাকাটা এবং ভবিষ্যতে অন্য দেশের সঙ্গে বাণিজ্যচুক্তি করার ক্ষেত্রে এর প্রভাব পড়তে পারে বলে তিনি মনে করেন। সব মিলিয়ে বিশেষজ্ঞদের একাংশ মনে করছেন, চুক্তির শর্তগুলো শুধু বাণিজ্য নয়, বরং নীতিগত স্বাধীনতা ও কৌশলগত সিদ্ধান্ত গ্রহণের ক্ষেত্রেও গুরুত্বপূর্ণ প্রভাব ফেলতে পারে।
